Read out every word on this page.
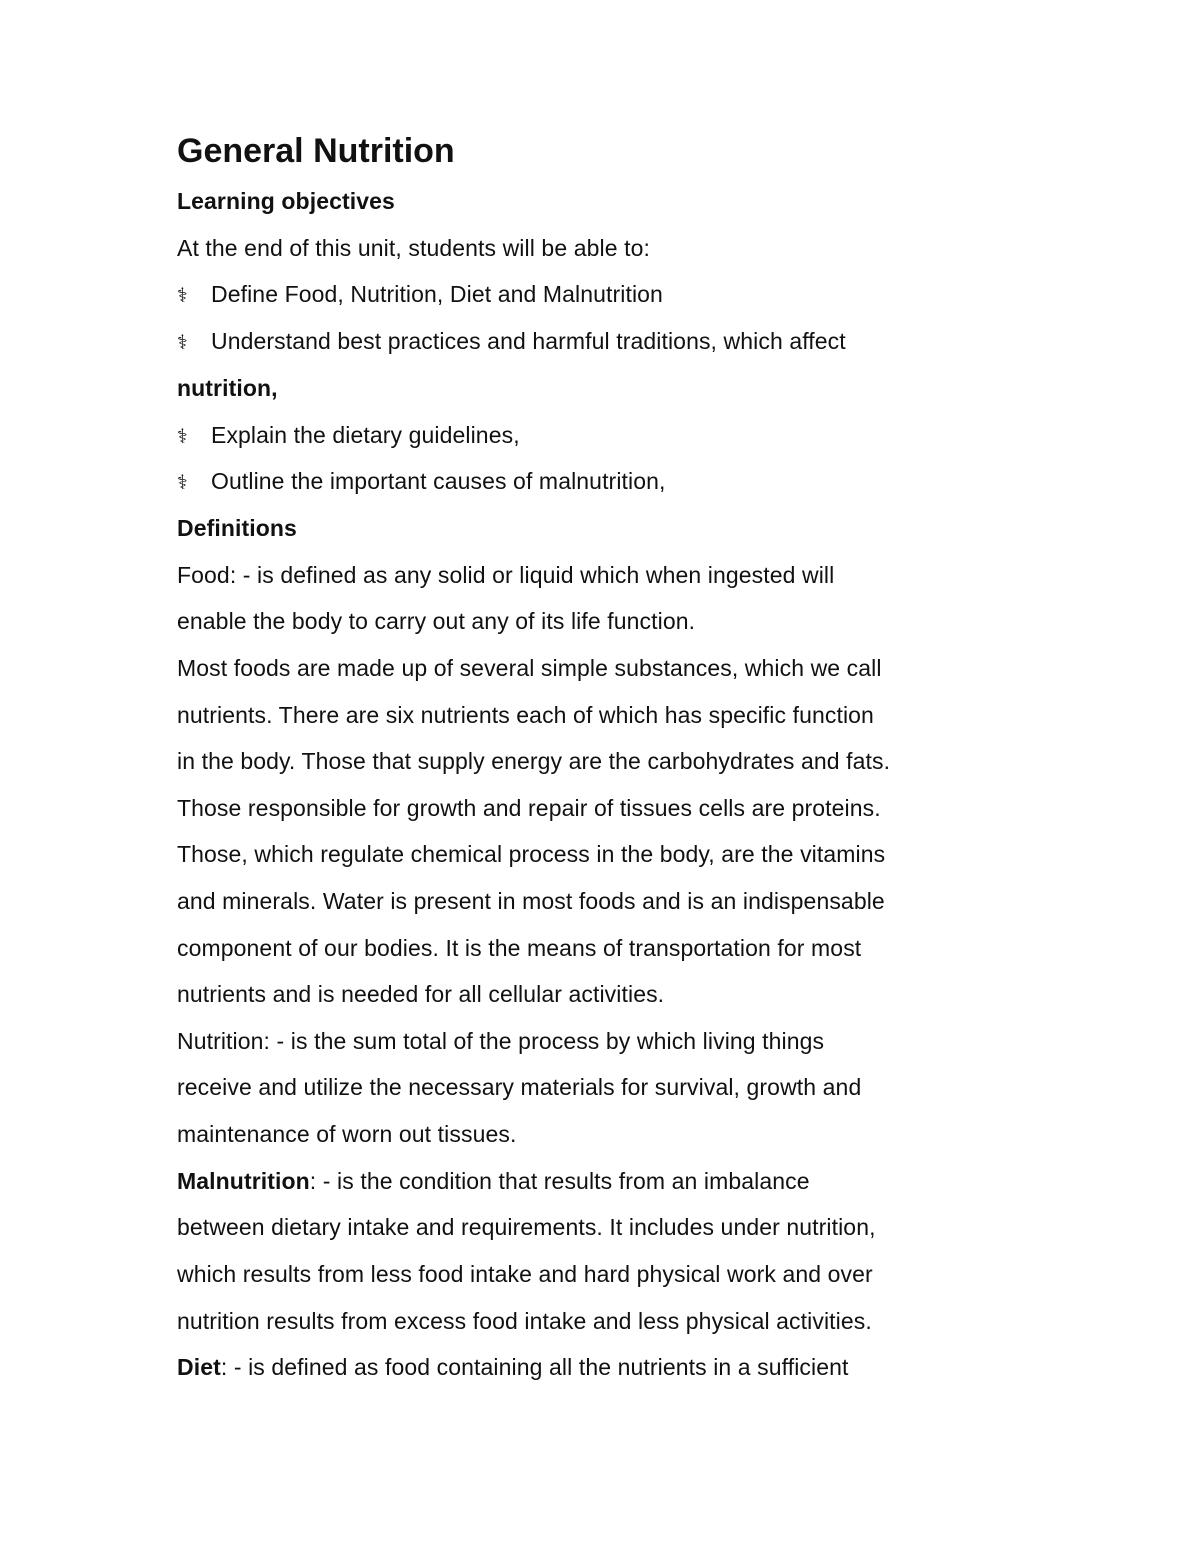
General Nutrition
Learning objectives
At the end of this unit, students will be able to:
⚕ Define Food, Nutrition, Diet and Malnutrition
⚕ Understand best practices and harmful traditions, which affect
nutrition,
⚕ Explain the dietary guidelines,
⚕ Outline the important causes of malnutrition,
Definitions
Food: - is defined as any solid or liquid which when ingested will
enable the body to carry out any of its life function.
Most foods are made up of several simple substances, which we call
nutrients. There are six nutrients each of which has specific function
in the body. Those that supply energy are the carbohydrates and fats.
Those responsible for growth and repair of tissues cells are proteins.
Those, which regulate chemical process in the body, are the vitamins
and minerals. Water is present in most foods and is an indispensable
component of our bodies. It is the means of transportation for most
nutrients and is needed for all cellular activities.
Nutrition: - is the sum total of the process by which living things
receive and utilize the necessary materials for survival, growth and
maintenance of worn out tissues.
Malnutrition: - is the condition that results from an imbalance
between dietary intake and requirements. It includes under nutrition,
which results from less food intake and hard physical work and over
nutrition results from excess food intake and less physical activities.
Diet: - is defined as food containing all the nutrients in a sufficient
